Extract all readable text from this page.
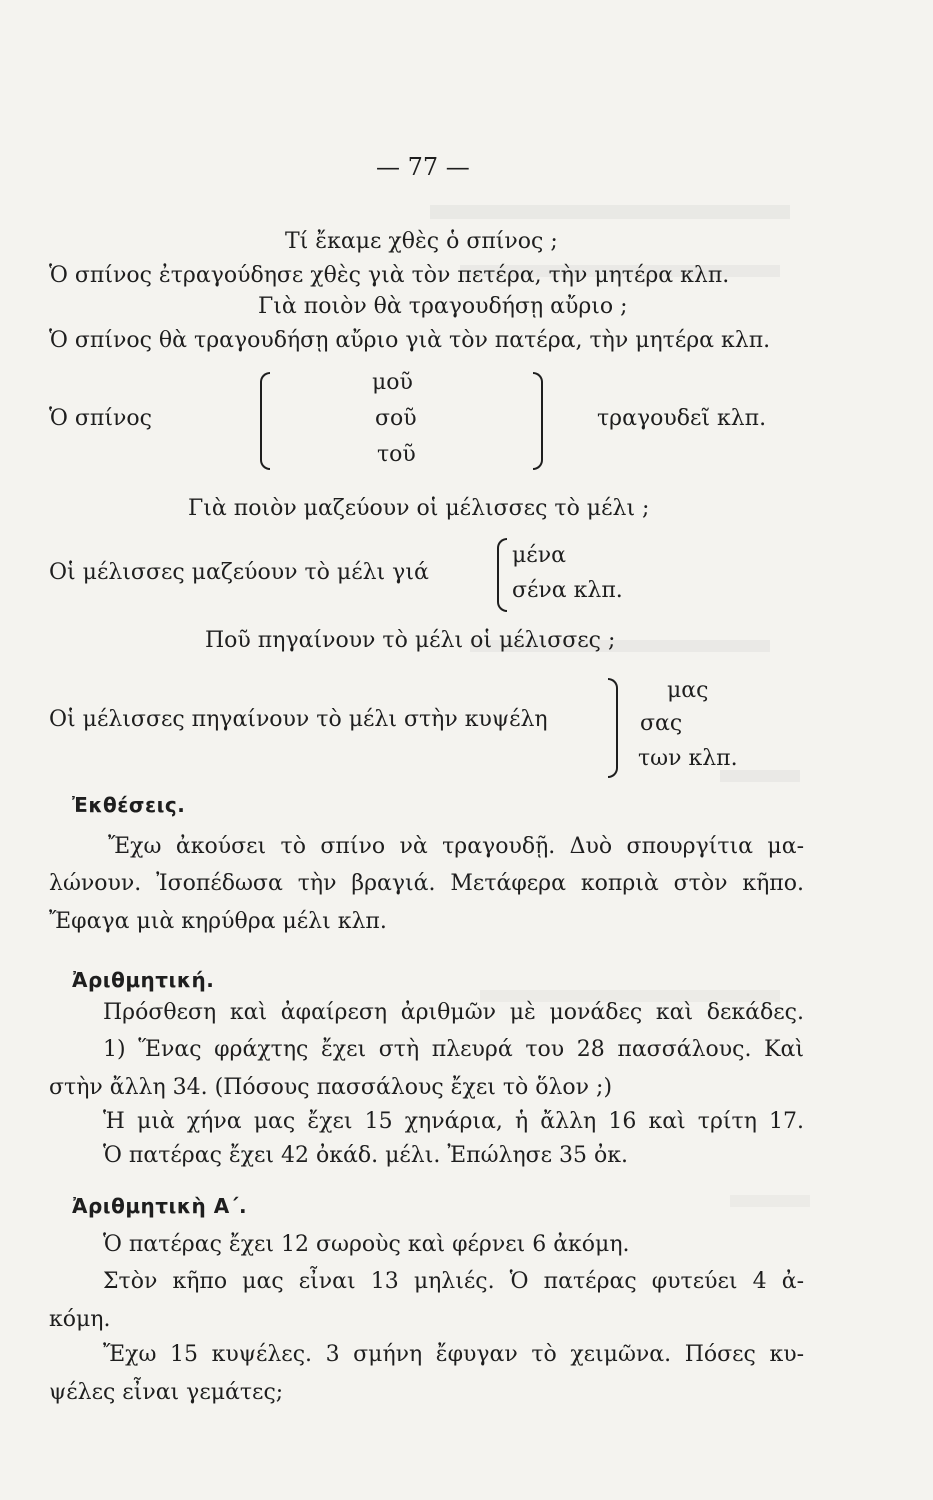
— 77 —
Τί ἔκαμε χθὲς ὁ σπίνος ;
Ὁ σπίνος ἐτραγούδησε χθὲς γιὰ τὸν πετέρα, τὴν μητέρα κλπ.
Γιὰ ποιὸν θὰ τραγουδήσῃ αὔριο ;
Ὁ σπίνος θὰ τραγουδήσῃ αὔριο γιὰ τὸν πατέρα, τὴν μητέρα κλπ.
Ὁ σπίνος
μοῦ
σοῦ
τοῦ
τραγουδεῖ κλπ.
Γιὰ ποιὸν μαζεύουν οἱ μέλισσες τὸ μέλι ;
Οἱ μέλισσες μαζεύουν τὸ μέλι γιά
μένα
σένα κλπ.
Ποῦ πηγαίνουν τὸ μέλι οἱ μέλισσες ;
Οἱ μέλισσες πηγαίνουν τὸ μέλι στὴν κυψέλη
μας
σας
των κλπ.
Ἐκθέσεις.
Ἔχω ἀκούσει τὸ σπίνο νὰ τραγουδῇ. Δυὸ σπουργίτια μα-
λώνουν. Ἰσοπέδωσα τὴν βραγιά. Μετάφερα κοπριὰ στὸν κῆπο.
Ἔφαγα μιὰ κηρύθρα μέλι κλπ.
Ἀριθμητική.
Πρόσθεση καὶ ἀφαίρεση ἀριθμῶν μὲ μονάδες καὶ δεκάδες.
1) Ἕνας φράχτης ἔχει στὴ πλευρά του 28 πασσάλους. Καὶ
στὴν ἄλλη 34. (Πόσους πασσάλους ἔχει τὸ ὅλον ;)
Ἡ μιὰ χήνα μας ἔχει 15 χηνάρια, ἡ ἄλλη 16 καὶ τρίτη 17.
Ὁ πατέρας ἔχει 42 ὀκάδ. μέλι. Ἐπώλησε 35 ὀκ.
Ἀριθμητικὴ Α΄.
Ὁ πατέρας ἔχει 12 σωροὺς καὶ φέρνει 6 ἀκόμη.
Στὸν κῆπο μας εἶναι 13 μηλιές. Ὁ πατέρας φυτεύει 4 ἀ-
κόμη.
Ἔχω 15 κυψέλες. 3 σμήνη ἔφυγαν τὸ χειμῶνα. Πόσες κυ-
ψέλες εἶναι γεμάτες;
